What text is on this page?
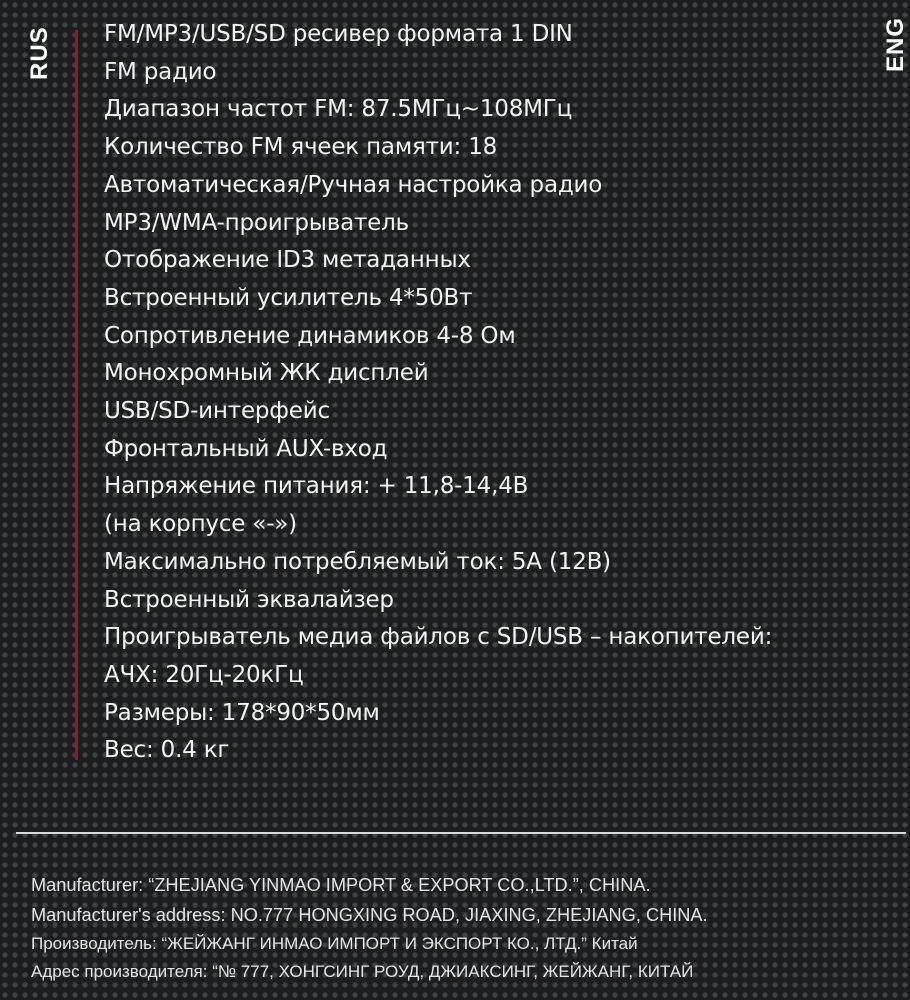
RUS	ENG
FM/MP3/USB/SD ресивер формата 1 DIN
FM радио
Диапазон частот FM: 87.5МГц~108МГц
Количество FM ячеек памяти: 18
Автоматическая/Ручная настройка радио
MP3/WMA-проигрыватель
Отображение ID3 метаданных
Встроенный усилитель 4*50Вт
Сопротивление динамиков 4-8 Ом
Монохромный ЖК дисплей
USB/SD-интерфейс
Фронтальный AUX-вход
Напряжение питания: + 11,8-14,4В
(на корпусе «-»)
Максимально потребляемый ток: 5А (12В)
Встроенный эквалайзер
Проигрыватель медиа файлов с SD/USB – накопителей:
АЧХ: 20Гц-20кГц
Размеры: 178*90*50мм
Вес: 0.4 кг
Manufacturer: “ZHEJIANG YINMAO IMPORT & EXPORT CO.,LTD.”, CHINA.
Manufacturer's address: NO.777 HONGXING ROAD, JIAXING, ZHEJIANG, CHINA.
Производитель: “ЖЕЙЖАНГ ИНМАО ИМПОРТ И ЭКСПОРТ КО., ЛТД.” Китай
Адрес производителя: “№ 777, ХОНГСИНГ РОУД, ДЖИАКСИНГ, ЖЕЙЖАНГ, КИТАЙ
